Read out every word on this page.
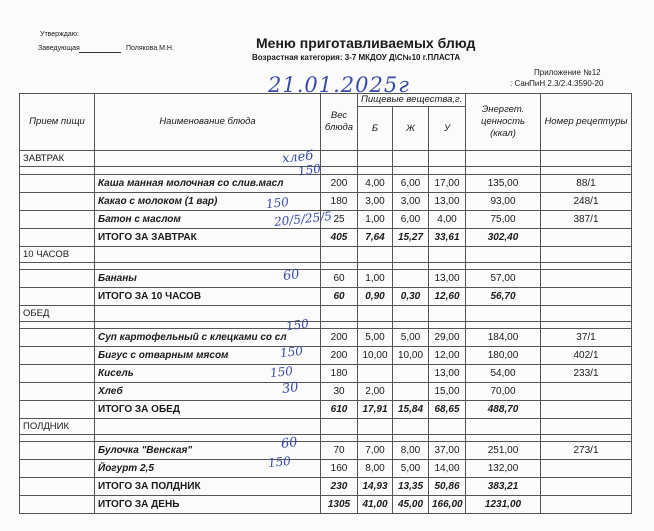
Утверждаю:
Заведующая	Полякова М.Н.	Меню приготавливаемых блюд
Возрастная категория: 3-7 МКДОУ Д\С№10 г.ПЛАСТА
Приложение №12
: СанПиН 2.3/2.4.3590-20
21.01.2025г
Прием пищи	Наименование блюда	Вес блюда	Пищевые вещества,г.			Энергет. ценность (ккал)	Номер рецептуры
			Б	Ж	У		
ЗАВТРАК							

	Каша манная молочная со слив.масл	200	4,00	6,00	17,00	135,00	88/1
	Какао с молоком (1 вар)	180	3,00	3,00	13,00	93,00	248/1
	Батон с маслом	25	1,00	6,00	4,00	75,00	387/1
	ИТОГО ЗА ЗАВТРАК	405	7,64	15,27	33,61	302,40	
10 ЧАСОВ							

	Бананы	60	1,00		13,00	57,00	
	ИТОГО ЗА 10 ЧАСОВ	60	0,90	0,30	12,60	56,70	
ОБЕД							

	Суп картофельный с клецками со сл	200	5,00	5,00	29,00	184,00	37/1
	Бигус с отварным мясом	200	10,00	10,00	12,00	180,00	402/1
	Кисель	180			13,00	54,00	233/1
	Хлеб	30	2,00		15,00	70,00	
	ИТОГО ЗА ОБЕД	610	17,91	15,84	68,65	488,70	
ПОЛДНИК							

	Булочка "Венская"	70	7,00	8,00	37,00	251,00	273/1
	Йогурт 2,5	160	8,00	5,00	14,00	132,00	
	ИТОГО ЗА ПОЛДНИК	230	14,93	13,35	50,86	383,21	
	ИТОГО ЗА ДЕНЬ	1305	41,00	45,00	166,00	1231,00	
хлеб
150
150
20/5/25/5
60
150
150
150
30
60
150
